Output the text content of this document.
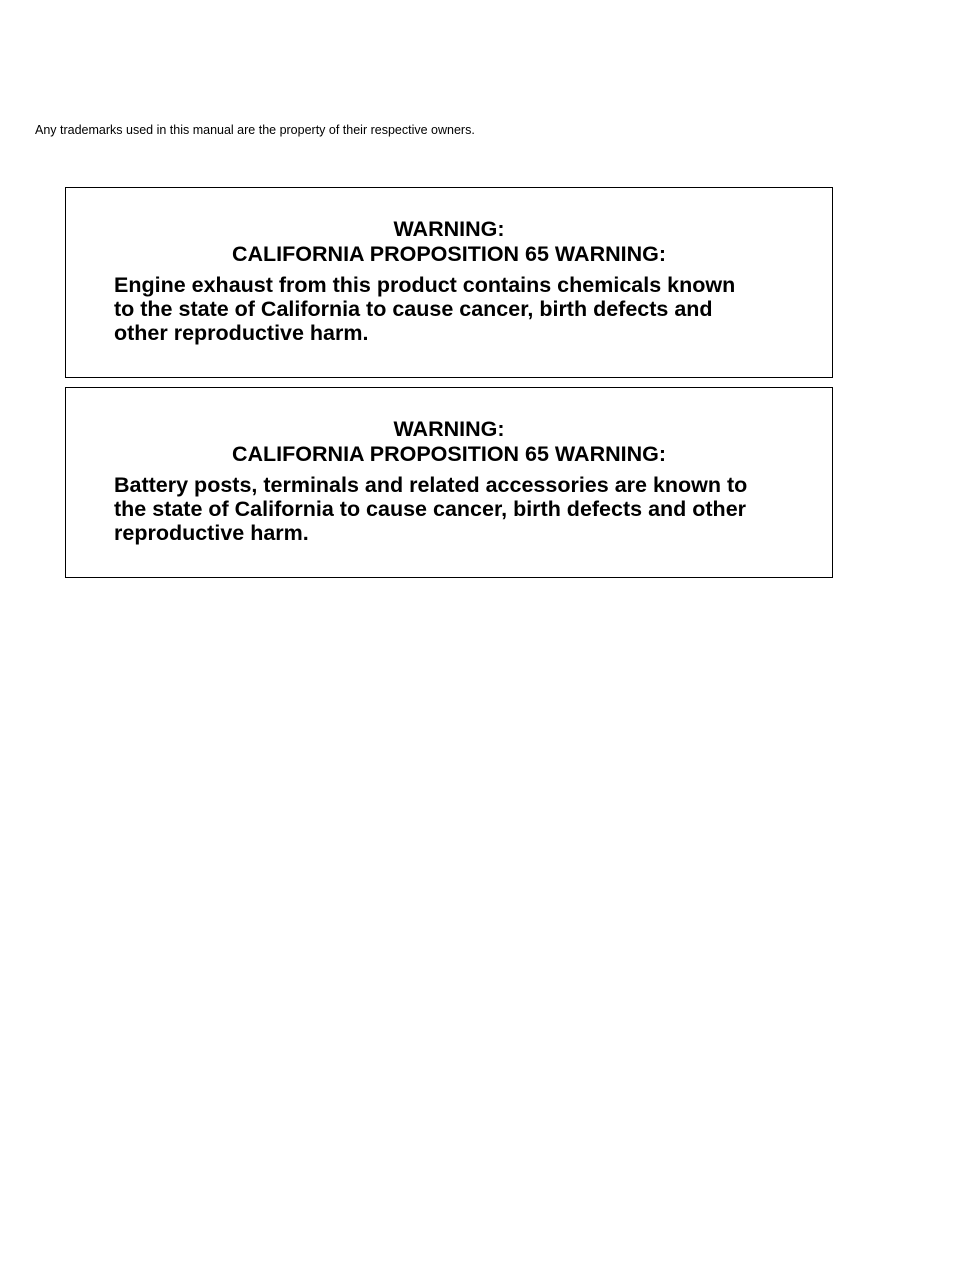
Any trademarks used in this manual are the property of their respective owners.
WARNING:
CALIFORNIA PROPOSITION 65 WARNING:
Engine exhaust from this product contains chemicals known
to the state of California to cause cancer, birth defects and
other reproductive harm.
WARNING:
CALIFORNIA PROPOSITION 65 WARNING:
Battery posts, terminals and related accessories are known to
the state of California to cause cancer, birth defects and other
reproductive harm.
